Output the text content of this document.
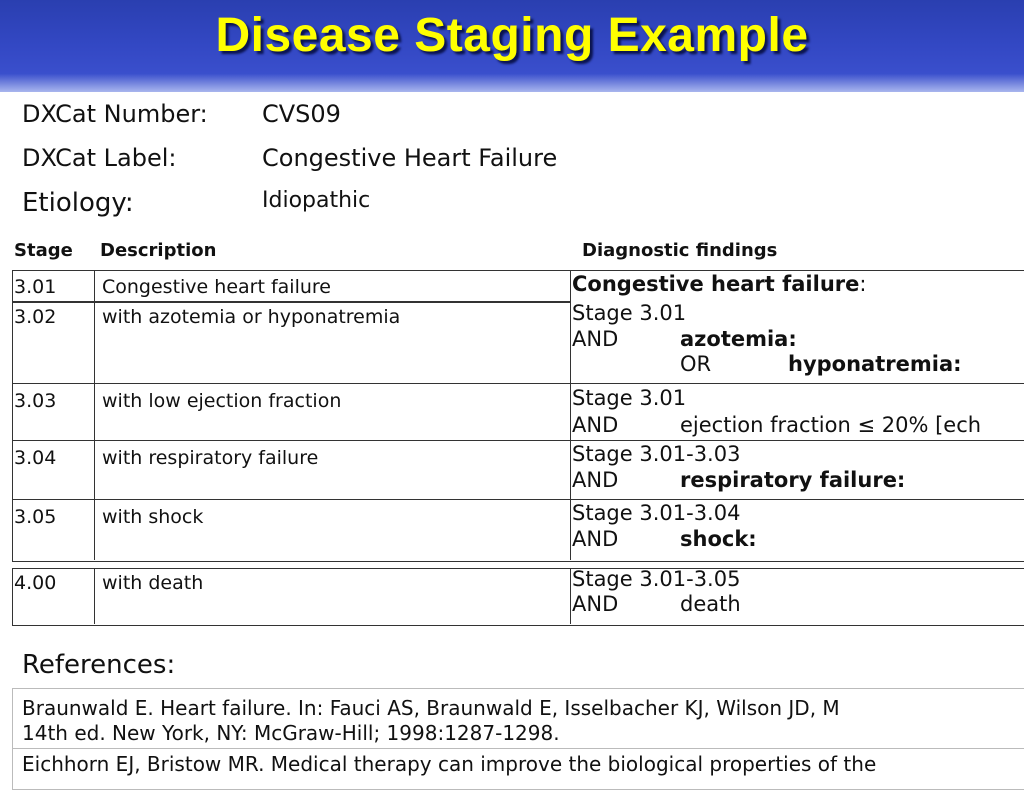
Disease Staging Example
DXCat Number: CVS09
DXCat Label:	Congestive Heart Failure
Etiology:	Idiopathic
Stage Description	Diagnostic findings
3.01 Congestive heart failure	Congestive heart failure:
3.02 with azotemia or hyponatremia	Stage 3.01
AND	azotemia:
OR	hyponatremia:
3.03 with low ejection fraction	Stage 3.01
AND	ejection fraction ≤ 20% [ech
3.04 with respiratory failure	Stage 3.01-3.03
AND	respiratory failure:
3.05 with shock	Stage 3.01-3.04
AND	shock:
4.00 with death	Stage 3.01-3.05
AND	death
References:
Braunwald E. Heart failure. In: Fauci AS, Braunwald E, Isselbacher KJ, Wilson JD, M
14th ed. New York, NY: McGraw-Hill; 1998:1287-1298.
Eichhorn EJ, Bristow MR. Medical therapy can improve the biological properties of the
